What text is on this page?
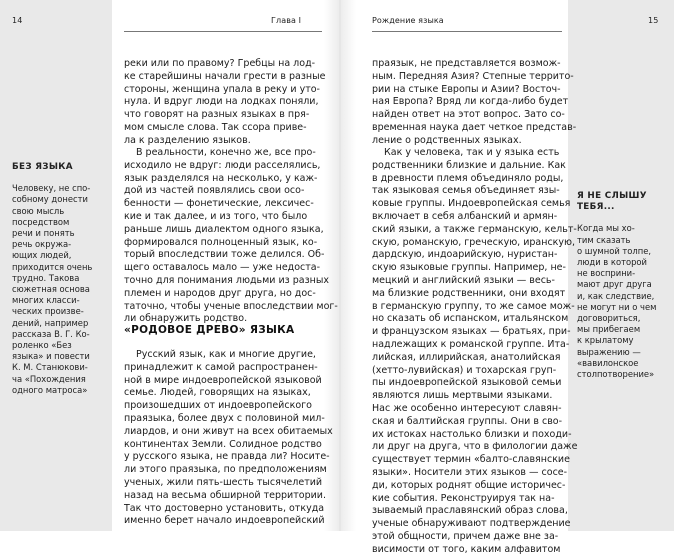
14	Глава I	Рождение языка	15
реки или по правому? Гребцы на лод-
ке старейшины начали грести в разные
стороны, женщина упала в реку и уто-
нула. И вдруг люди на лодках поняли,
что говорят на разных языках в пря-
мом смысле слова. Так ссора приве-
ла к разделению языков.
В реальности, конечно же, все про-
исходило не вдруг: люди расселялись,
язык разделялся на несколько, у каж-
дой из частей появлялись свои осо-
бенности — фонетические, лексичес-
кие и так далее, и из того, что было
раньше лишь диалектом одного языка,
формировался полноценный язык, ко-
торый впоследствии тоже делился. Об-
щего оставалось мало — уже недоста-
точно для понимания людьми из разных
племен и народов друг друга, но дос-
таточно, чтобы ученые впоследствии мог-
ли обнаружить родство.
«РОДОВОЕ ДРЕВО» ЯЗЫКА
Русский язык, как и многие другие,
принадлежит к самой распространен-
ной в мире индоевропейской языковой
семье. Людей, говорящих на языках,
произошедших от индоевропейского
праязыка, более двух с половиной мил-
лиардов, и они живут на всех обитаемых
континентах Земли. Солидное родство
у русского языка, не правда ли? Носите-
ли этого праязыка, по предположениям
ученых, жили пять-шесть тысячелетий
назад на весьма обширной территории.
Так что достоверно установить, откуда
именно берет начало индоевропейский
БЕЗ ЯЗЫКА
Человеку, не спо-
собному донести
свою мысль
посредством
речи и понять
речь окружа-
ющих людей,
приходится очень
трудно. Такова
сюжетная основа
многих класси-
ческих произве-
дений, например
рассказа В. Г. Ко-
роленко «Без
языка» и повести
К. М. Станюкови-
ча «Похождения
одного матроса»
праязык, не представляется возмож-
ным. Передняя Азия? Степные террито-
рии на стыке Европы и Азии? Восточ-
ная Европа? Вряд ли когда-либо будет
найден ответ на этот вопрос. Зато со-
временная наука дает четкое представ-
ление о родственных языках.
Как у человека, так и у языка есть
родственники близкие и дальние. Как
в древности племя объединяло роды,
так языковая семья объединяет язы-
ковые группы. Индоевропейская семья
включает в себя албанский и армян-
ский языки, а также германскую, кельт-
скую, романскую, греческую, иранскую,
дардскую, индоарийскую, нуристан-
скую языковые группы. Например, не-
мецкий и английский языки — весь-
ма близкие родственники, они входят
в германскую группу, то же самое мож-
но сказать об испанском, итальянском
и французском языках — братьях, при-
надлежащих к романской группе. Ита-
лийская, иллирийская, анатолийская
(хетто-лувийская) и тохарская груп-
пы индоевропейской языковой семьи
являются лишь мертвыми языками.
Нас же особенно интересуют славян-
ская и балтийская группы. Они в сво-
их истоках настолько близки и походи-
ли друг на друга, что в филологии даже
существует термин «балто-славянские
языки». Носители этих языков — сосе-
ди, которых роднят общие историчес-
кие события. Реконструируя так на-
зываемый праславянский образ слова,
ученые обнаруживают подтверждение
этой общности, причем даже вне за-
висимости от того, каким алфавитом
Я НЕ СЛЫШУ
ТЕБЯ...
Когда мы хо-
тим сказать
о шумной толпе,
люди в которой
не восприни-
мают друг друга
и, как следствие,
не могут ни о чем
договориться,
мы прибегаем
к крылатому
выражению —
«вавилонское
столпотворение»
